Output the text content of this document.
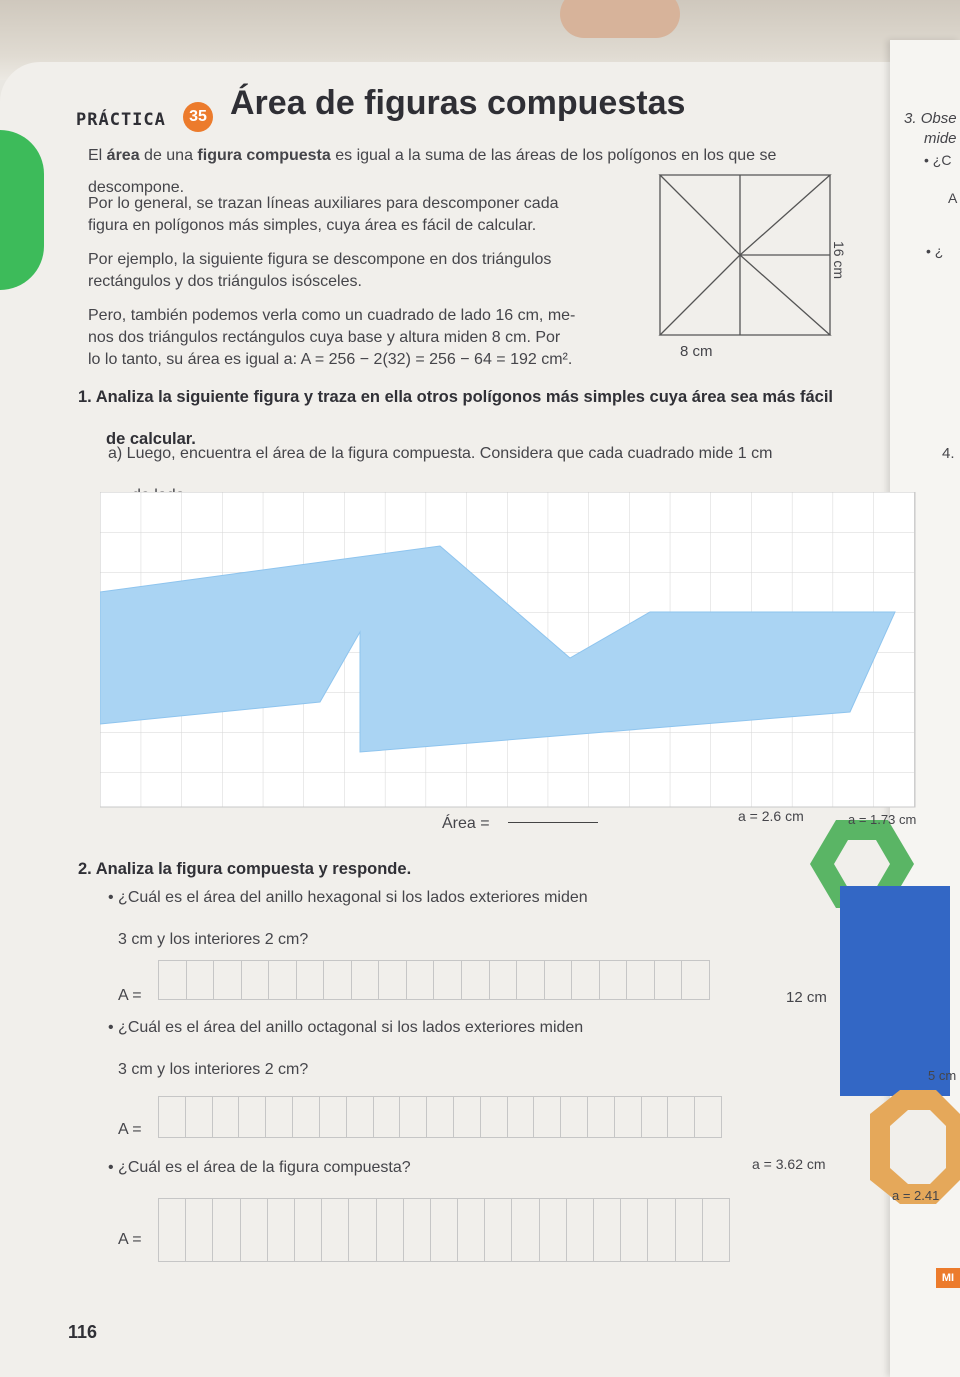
3. Obse
mide
• ¿C
A
• ¿
4.
MI
PRÁCTICA	35 Área de figuras compuestas
El área de una figura compuesta es igual a la suma de las áreas de los polígonos en los que se
descompone.
Por lo general, se trazan líneas auxiliares para descomponer cada
figura en polígonos más simples, cuya área es fácil de calcular.
Por ejemplo, la siguiente figura se descompone en dos triángulos
rectángulos y dos triángulos isósceles.
Pero, también podemos verla como un cuadrado de lado 16 cm, me-
nos dos triángulos rectángulos cuya base y altura miden 8 cm. Por
lo lo tanto, su área es igual a: A = 256 − 2(32) = 256 − 64 = 192 cm².
16 cm
8 cm
1. Analiza la siguiente figura y traza en ella otros polígonos más simples cuya área sea más fácil
de calcular.
a) Luego, encuentra el área de la figura compuesta. Considera que cada cuadrado mide 1 cm
Área =
2. Analiza la figura compuesta y responde.
• ¿Cuál es el área del anillo hexagonal si los lados exteriores miden
3 cm y los interiores 2 cm?
A =
• ¿Cuál es el área del anillo octagonal si los lados exteriores miden
3 cm y los interiores 2 cm?
A =
• ¿Cuál es el área de la figura compuesta?
A =
a = 2.6 cm	a = 1.73 cm
12 cm
5 cm
a = 3.62 cm
a = 2.41
116
